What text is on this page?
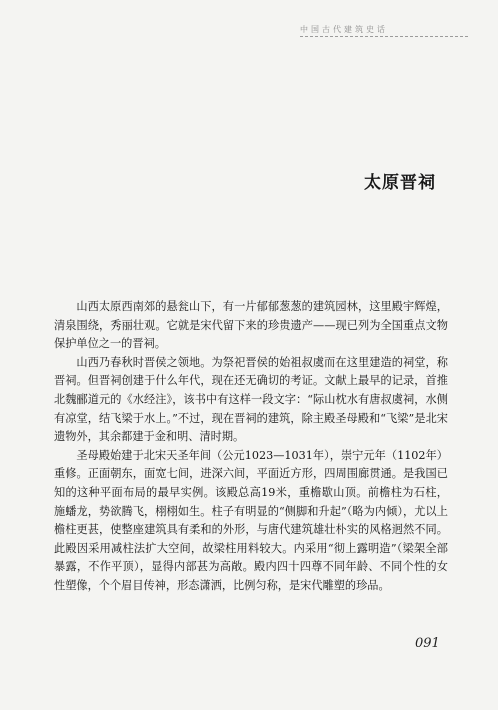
中国古代建筑史话
太原晋祠

山西太原西南郊的悬瓮山下，有一片郁郁葱葱的建筑园林，这里殿宇辉煌，清泉围绕，秀丽壮观。它就是宋代留下来的珍贵遗产——现已列为全国重点文物保护单位之一的晋祠。

山西乃春秋时晋侯之领地。为祭祀晋侯的始祖叔虞而在这里建造的祠堂，称晋祠。但晋祠创建于什么年代，现在还无确切的考证。文献上最早的记录，首推北魏郦道元的《水经注》，该书中有这样一段文字：“际山枕水有唐叔虞祠，水侧有凉堂，结飞梁于水上。”不过，现在晋祠的建筑，除主殿圣母殿和“飞梁”是北宋遗物外，其余都建于金和明、清时期。

圣母殿始建于北宋天圣年间（公元1023—1031年），崇宁元年（1102年）重修。正面朝东，面宽七间，进深六间，平面近方形，四周围廊贯通。是我国已知的这种平面布局的最早实例。该殿总高19米，重檐歇山顶。前檐柱为石柱，施蟠龙，势欲腾飞，栩栩如生。柱子有明显的“侧脚和升起”（略为内倾），尤以上檐柱更甚，使整座建筑具有柔和的外形，与唐代建筑雄壮朴实的风格迥然不同。此殿因采用减柱法扩大空间，故梁柱用料较大。内采用“彻上露明造”（梁架全部暴露，不作平顶），显得内部甚为高敞。殿内四十四尊不同年龄、不同个性的女性塑像，个个眉目传神，形态潇洒，比例匀称，是宋代雕塑的珍品。

091
